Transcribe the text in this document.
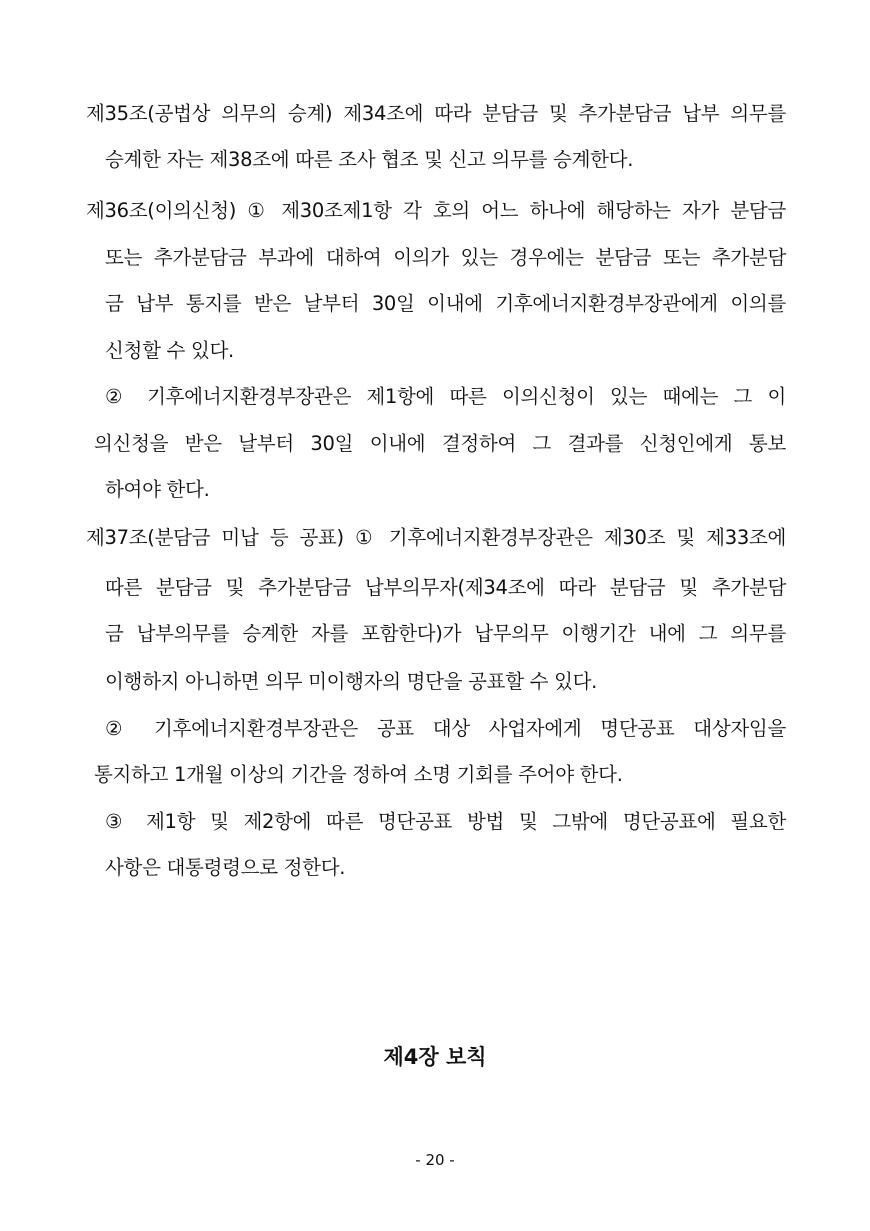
제35조(공법상 의무의 승계) 제34조에 따라 분담금 및 추가분담금 납부 의무를
승계한 자는 제38조에 따른 조사 협조 및 신고 의무를 승계한다.
제36조(이의신청) ① 제30조제1항 각 호의 어느 하나에 해당하는 자가 분담금
또는 추가분담금 부과에 대하여 이의가 있는 경우에는 분담금 또는 추가분담
금 납부 통지를 받은 날부터 30일 이내에 기후에너지환경부장관에게 이의를
신청할 수 있다.
② 기후에너지환경부장관은 제1항에 따른 이의신청이 있는 때에는 그 이
의신청을 받은 날부터 30일 이내에 결정하여 그 결과를 신청인에게 통보
하여야 한다.
제37조(분담금 미납 등 공표) ① 기후에너지환경부장관은 제30조 및 제33조에
따른 분담금 및 추가분담금 납부의무자(제34조에 따라 분담금 및 추가분담
금 납부의무를 승계한 자를 포함한다)가 납무의무 이행기간 내에 그 의무를
이행하지 아니하면 의무 미이행자의 명단을 공표할 수 있다.
② 기후에너지환경부장관은 공표 대상 사업자에게 명단공표 대상자임을
통지하고 1개월 이상의 기간을 정하여 소명 기회를 주어야 한다.
③ 제1항 및 제2항에 따른 명단공표 방법 및 그밖에 명단공표에 필요한
사항은 대통령령으로 정한다.
제4장 보칙
- 20 -
